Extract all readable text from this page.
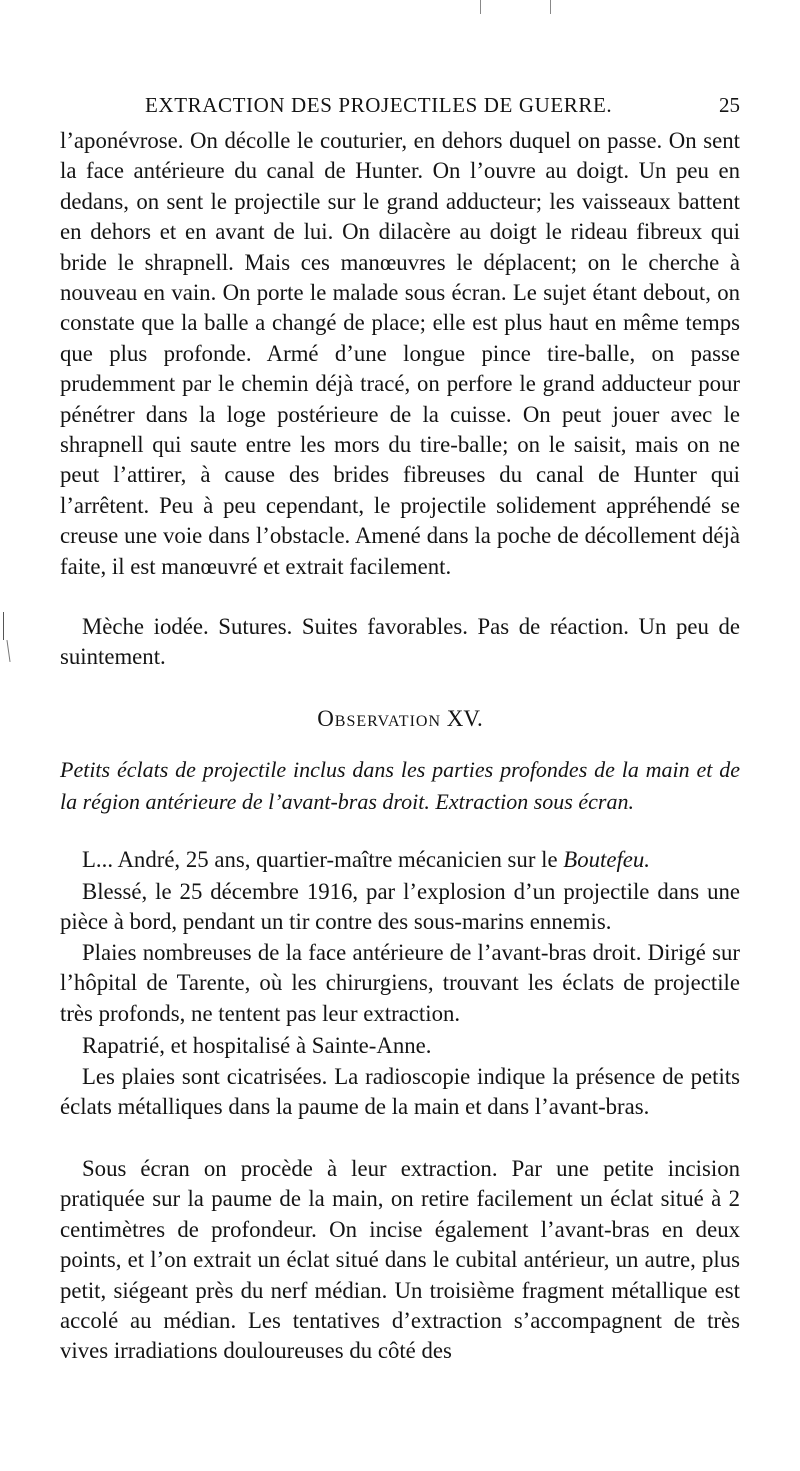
EXTRACTION DES PROJECTILES DE GUERRE.	25

l’aponévrose. On décolle le couturier, en dehors duquel on passe. On sent la face antérieure du canal de Hunter. On l’ouvre au doigt. Un peu en dedans, on sent le projectile sur le grand adducteur; les vaisseaux battent en dehors et en avant de lui. On dilacère au doigt le rideau fibreux qui bride le shrapnell. Mais ces manœuvres le déplacent; on le cherche à nouveau en vain. On porte le malade sous écran. Le sujet étant debout, on constate que la balle a changé de place; elle est plus haut en même temps que plus profonde. Armé d’une longue pince tire-balle, on passe prudemment par le chemin déjà tracé, on perfore le grand adducteur pour pénétrer dans la loge postérieure de la cuisse. On peut jouer avec le shrapnell qui saute entre les mors du tire-balle; on le saisit, mais on ne peut l’attirer, à cause des brides fibreuses du canal de Hunter qui l’arrêtent. Peu à peu cependant, le projectile solidement appréhendé se creuse une voie dans l’obstacle. Amené dans la poche de décollement déjà faite, il est manœuvré et extrait facilement.

Mèche iodée. Sutures. Suites favorables. Pas de réaction. Un peu de suintement.

Observation XV.

Petits éclats de projectile inclus dans les parties profondes de la main et de la région antérieure de l’avant-bras droit. Extraction sous écran.

L... André, 25 ans, quartier-maître mécanicien sur le Boutefeu.

Blessé, le 25 décembre 1916, par l’explosion d’un projectile dans une pièce à bord, pendant un tir contre des sous-marins ennemis.

Plaies nombreuses de la face antérieure de l’avant-bras droit. Dirigé sur l’hôpital de Tarente, où les chirurgiens, trouvant les éclats de projectile très profonds, ne tentent pas leur extraction.

Rapatrié, et hospitalisé à Sainte-Anne.

Les plaies sont cicatrisées. La radioscopie indique la présence de petits éclats métalliques dans la paume de la main et dans l’avant-bras.

Sous écran on procède à leur extraction. Par une petite incision pratiquée sur la paume de la main, on retire facilement un éclat situé à 2 centimètres de profondeur. On incise également l’avant-bras en deux points, et l’on extrait un éclat situé dans le cubital antérieur, un autre, plus petit, siégeant près du nerf médian. Un troisième fragment métallique est accolé au médian. Les tentatives d’extraction s’accompagnent de très vives irradiations douloureuses du côté des
